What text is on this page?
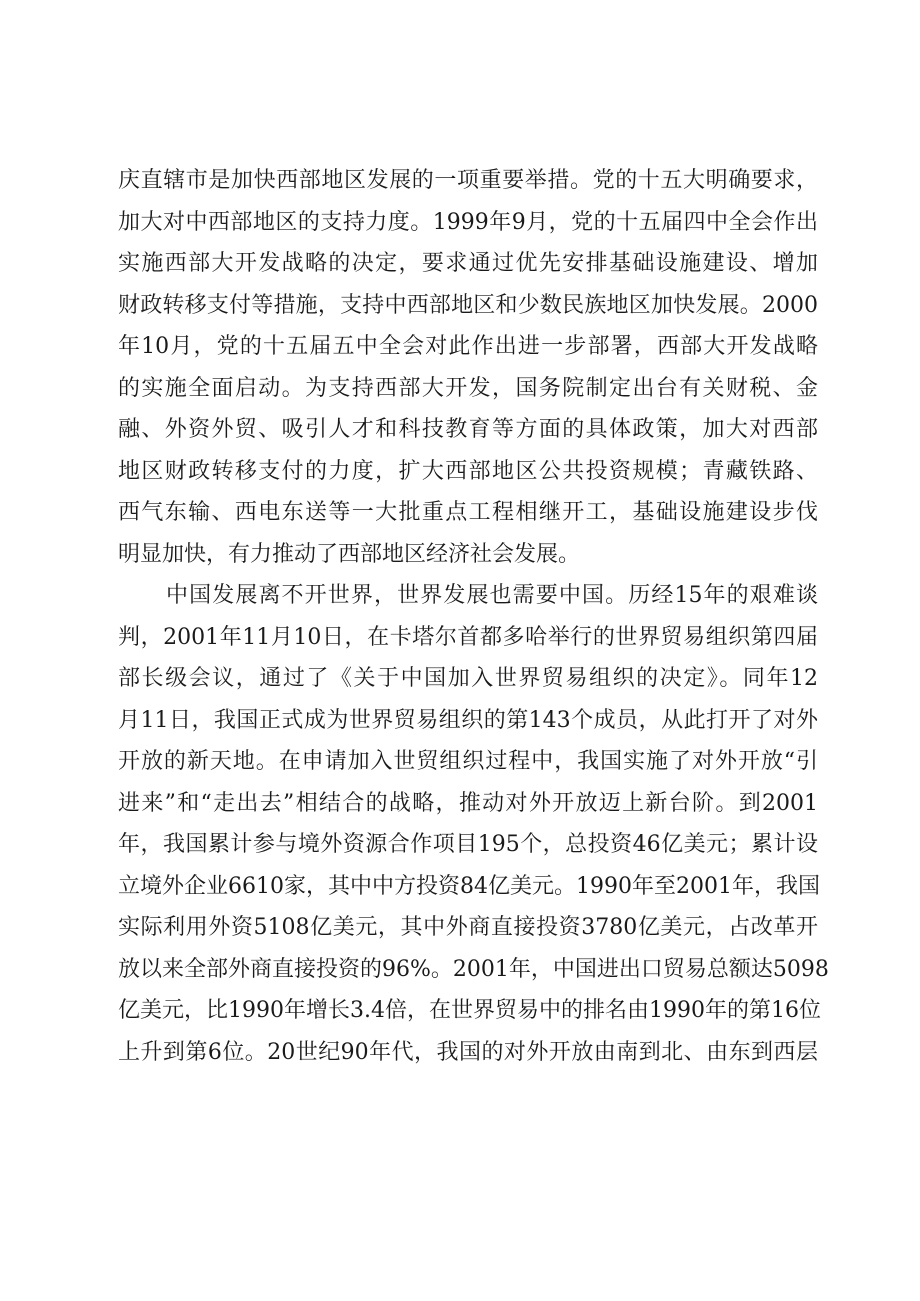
庆直辖市是加快西部地区发展的一项重要举措。党的十五大明确要求，
加大对中西部地区的支持力度。1999年9月，党的十五届四中全会作出
实施西部大开发战略的决定，要求通过优先安排基础设施建设、增加
财政转移支付等措施，支持中西部地区和少数民族地区加快发展。2000
年10月，党的十五届五中全会对此作出进一步部署，西部大开发战略
的实施全面启动。为支持西部大开发，国务院制定出台有关财税、金
融、外资外贸、吸引人才和科技教育等方面的具体政策，加大对西部
地区财政转移支付的力度，扩大西部地区公共投资规模；青藏铁路、
西气东输、西电东送等一大批重点工程相继开工，基础设施建设步伐
明显加快，有力推动了西部地区经济社会发展。
中国发展离不开世界，世界发展也需要中国。历经15年的艰难谈
判，2001年11月10日，在卡塔尔首都多哈举行的世界贸易组织第四届
部长级会议，通过了《关于中国加入世界贸易组织的决定》。同年12
月11日，我国正式成为世界贸易组织的第143个成员，从此打开了对外
开放的新天地。在申请加入世贸组织过程中，我国实施了对外开放“引
进来”和“走出去”相结合的战略，推动对外开放迈上新台阶。到2001
年，我国累计参与境外资源合作项目195个，总投资46亿美元；累计设
立境外企业6610家，其中中方投资84亿美元。1990年至2001年，我国
实际利用外资5108亿美元，其中外商直接投资3780亿美元，占改革开
放以来全部外商直接投资的96%。2001年，中国进出口贸易总额达5098
亿美元，比1990年增长3.4倍，在世界贸易中的排名由1990年的第16位
上升到第6位。20世纪90年代，我国的对外开放由南到北、由东到西层
